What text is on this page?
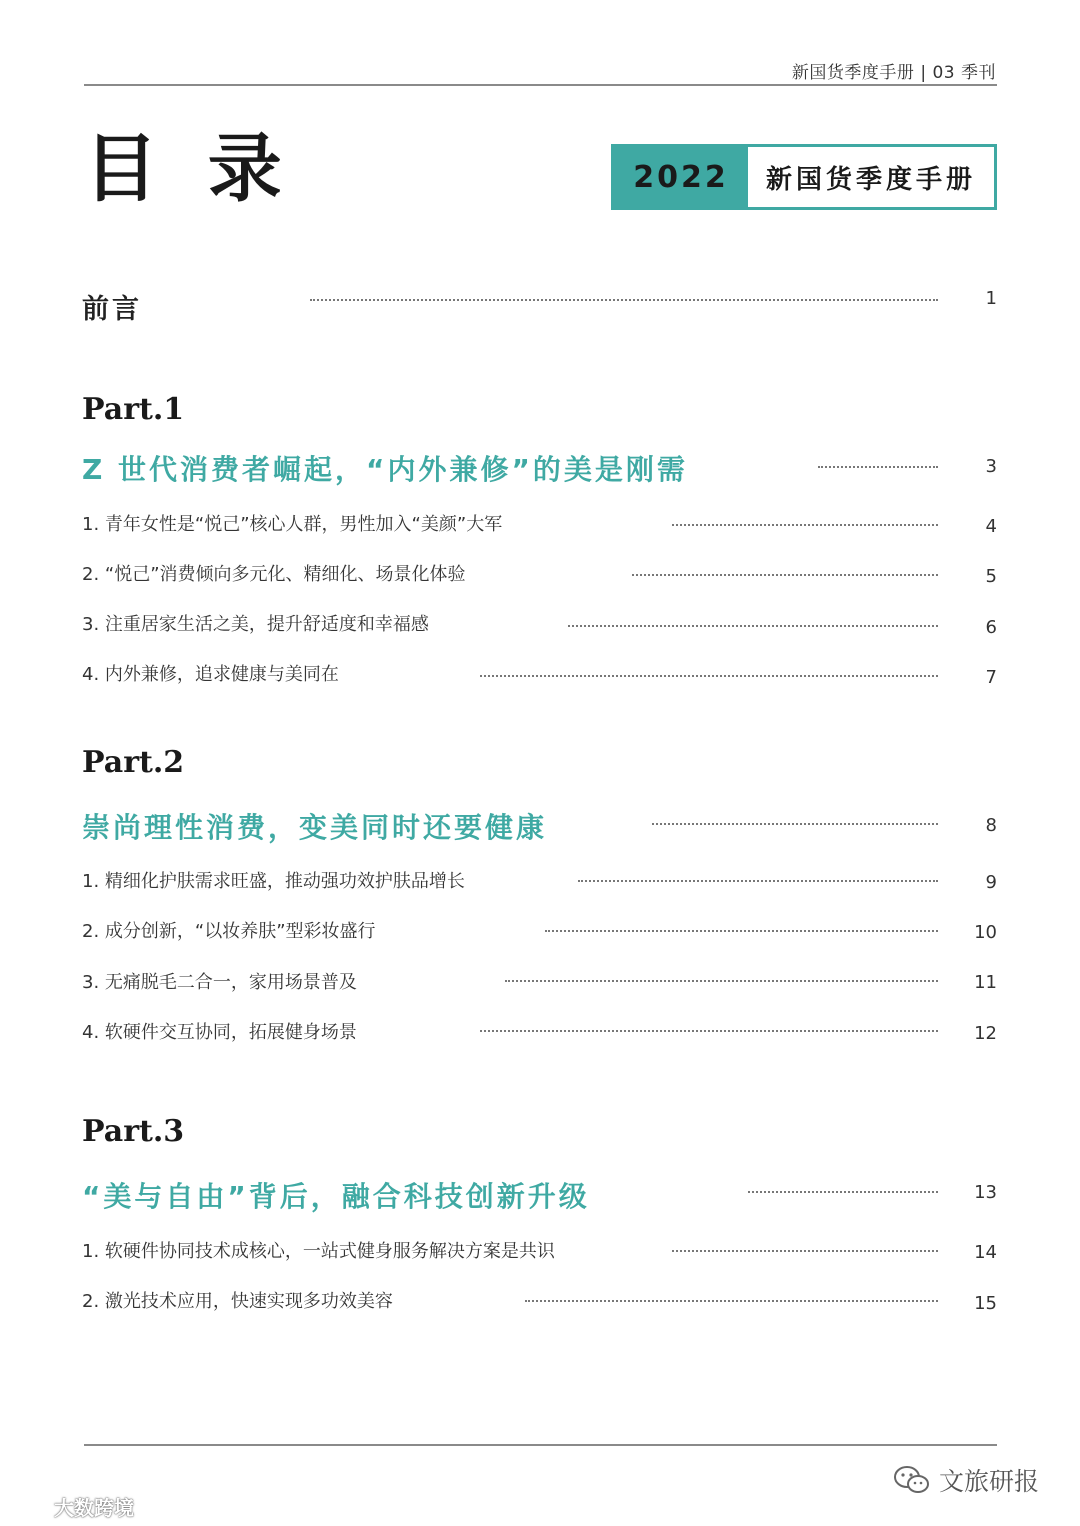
新国货季度手册 | 03 季刊
目 录	2022	新国货季度手册
前言	1
Part.1
Z 世代消费者崛起，“内外兼修”的美是刚需	3
1. 青年女性是“悦己”核心人群，男性加入“美颜”大军	4
2. “悦己”消费倾向多元化、精细化、场景化体验	5
3. 注重居家生活之美，提升舒适度和幸福感	6
4. 内外兼修，追求健康与美同在	7
Part.2
崇尚理性消费，变美同时还要健康	8
1. 精细化护肤需求旺盛，推动强功效护肤品增长	9
2. 成分创新，“以妆养肤”型彩妆盛行	10
3. 无痛脱毛二合一，家用场景普及	11
4. 软硬件交互协同，拓展健身场景	12
Part.3
“美与自由”背后，融合科技创新升级	13
1. 软硬件协同技术成核心，一站式健身服务解决方案是共识	14
2. 激光技术应用，快速实现多功效美容	15
文旅研报
大数跨境
